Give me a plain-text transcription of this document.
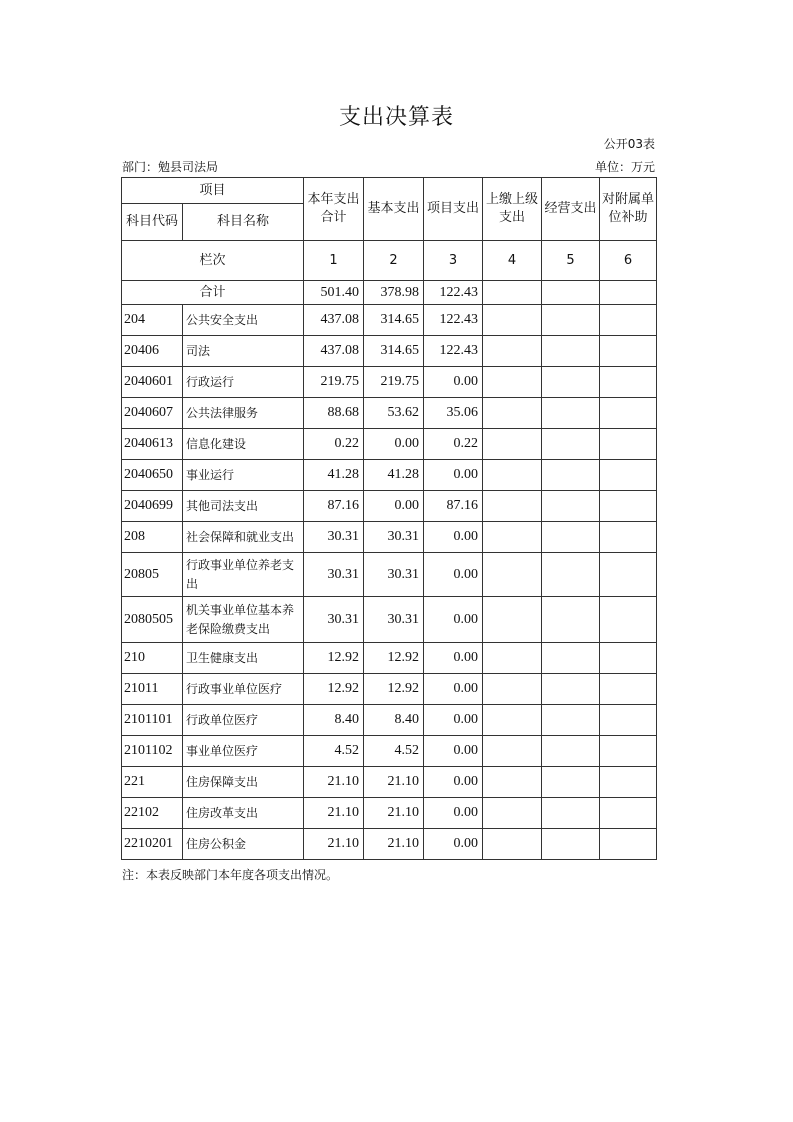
支出决算表
公开03表
部门：勉县司法局	单位：万元
项目		本年支出合计	基本支出	项目支出	上缴上级支出	经营支出	对附属单位补助
科目代码	科目名称						
栏次		1	2	3	4	5	6
合计		501.40	378.98	122.43			
204	公共安全支出	437.08	314.65	122.43			
20406	司法	437.08	314.65	122.43			
2040601	行政运行	219.75	219.75	0.00			
2040607	公共法律服务	88.68	53.62	35.06			
2040613	信息化建设	0.22	0.00	0.22			
2040650	事业运行	41.28	41.28	0.00			
2040699	其他司法支出	87.16	0.00	87.16			
208	社会保障和就业支出	30.31	30.31	0.00			
20805	行政事业单位养老支出	30.31	30.31	0.00			
2080505	机关事业单位基本养老保险缴费支出	30.31	30.31	0.00			
210	卫生健康支出	12.92	12.92	0.00			
21011	行政事业单位医疗	12.92	12.92	0.00			
2101101	行政单位医疗	8.40	8.40	0.00			
2101102	事业单位医疗	4.52	4.52	0.00			
221	住房保障支出	21.10	21.10	0.00			
22102	住房改革支出	21.10	21.10	0.00			
2210201	住房公积金	21.10	21.10	0.00			
注：本表反映部门本年度各项支出情况。
